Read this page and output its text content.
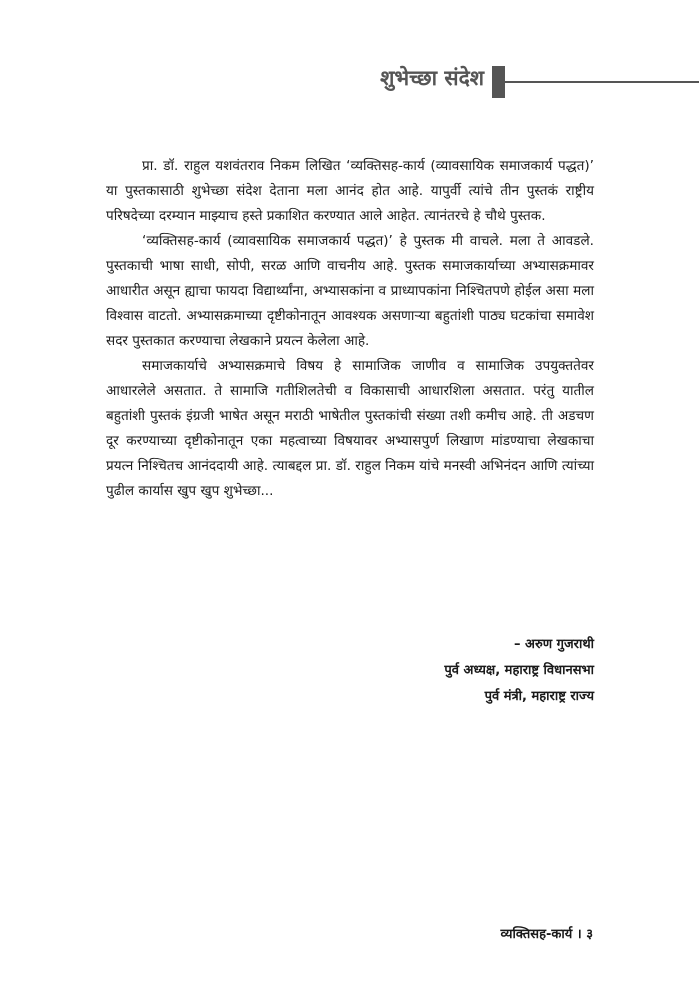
शुभेच्छा संदेश

प्रा. डॉ. राहुल यशवंतराव निकम लिखित ‘व्यक्तिसह-कार्य (व्यावसायिक समाजकार्य पद्धत)’ या पुस्तकासाठी शुभेच्छा संदेश देताना मला आनंद होत आहे. यापुर्वी त्यांचे तीन पुस्तकं राष्ट्रीय परिषदेच्या दरम्यान माझ्याच हस्ते प्रकाशित करण्यात आले आहेत. त्यानंतरचे हे चौथे पुस्तक.

‘व्यक्तिसह-कार्य (व्यावसायिक समाजकार्य पद्धत)’ हे पुस्तक मी वाचले. मला ते आवडले. पुस्तकाची भाषा साधी, सोपी, सरळ आणि वाचनीय आहे. पुस्तक समाजकार्याच्या अभ्यासक्रमावर आधारीत असून ह्याचा फायदा विद्यार्थ्यांना, अभ्यासकांना व प्राध्यापकांना निश्चितपणे होईल असा मला विश्वास वाटतो. अभ्यासक्रमाच्या दृष्टीकोनातून आवश्यक असणाऱ्या बहुतांशी पाठ्य घटकांचा समावेश सदर पुस्तकात करण्याचा लेखकाने प्रयत्न केलेला आहे.

समाजकार्याचे अभ्यासक्रमाचे विषय हे सामाजिक जाणीव व सामाजिक उपयुक्ततेवर आधारलेले असतात. ते सामाजि गतीशिलतेची व विकासाची आधारशिला असतात. परंतु यातील बहुतांशी पुस्तकं इंग्रजी भाषेत असून मराठी भाषेतील पुस्तकांची संख्या तशी कमीच आहे. ती अडचण दूर करण्याच्या दृष्टीकोनातून एका महत्वाच्या विषयावर अभ्यासपुर्ण लिखाण मांडण्याचा लेखकाचा प्रयत्न निश्चितच आनंददायी आहे. त्याबद्दल प्रा. डॉ. राहुल निकम यांचे मनस्वी अभिनंदन आणि त्यांच्या पुढील कार्यास खुप खुप शुभेच्छा...

– अरुण गुजराथी
पुर्व अध्यक्ष, महाराष्ट्र विधानसभा
पुर्व मंत्री, महाराष्ट्र राज्य
व्यक्तिसह-कार्य । ३
